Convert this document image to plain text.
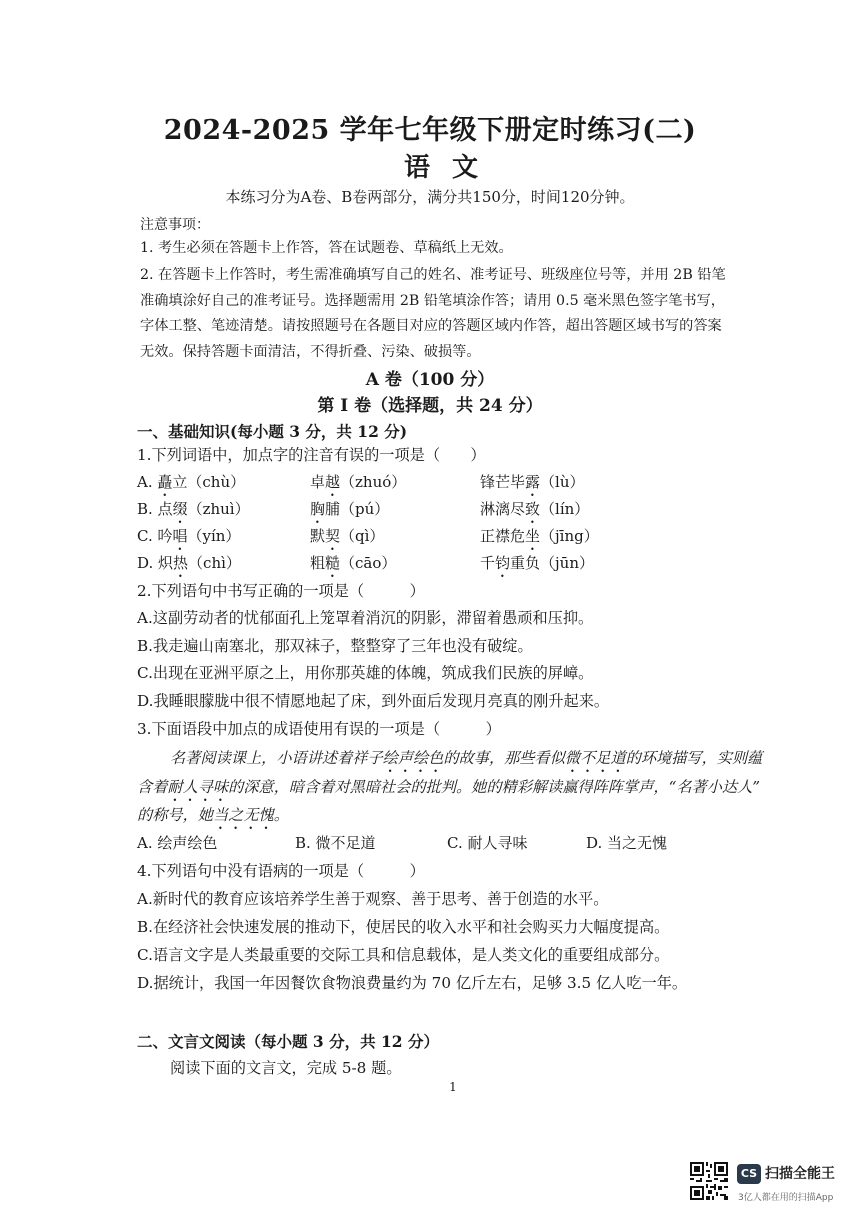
2024-2025 学年七年级下册定时练习(二)
语文
本练习分为A卷、B卷两部分，满分共150分，时间120分钟。
注意事项：
1. 考生必须在答题卡上作答，答在试题卷、草稿纸上无效。
2. 在答题卡上作答时，考生需准确填写自己的姓名、准考证号、班级座位号等，并用 2B 铅笔
准确填涂好自己的准考证号。选择题需用 2B 铅笔填涂作答；请用 0.5 毫米黑色签字笔书写，
字体工整、笔迹清楚。请按照题号在各题目对应的答题区域内作答，超出答题区域书写的答案
无效。保持答题卡面清洁，不得折叠、污染、破损等。
A 卷（100 分）
第 I 卷（选择题，共 24 分）
一、基础知识(每小题 3 分，共 12 分)
1.下列词语中，加点字的注音有误的一项是（　　）
A. 矗立（chù）	卓越（zhuó）	锋芒毕露（lù）
B. 点缀（zhuì）	胸脯（pú）	淋漓尽致（lín）
C. 吟唱（yín）	默契（qì）	正襟危坐（jīng）
D. 炽热（chì）	粗糙（cāo）	千钧重负（jūn）
2.下列语句中书写正确的一项是（　　　）
A.这副劳动者的忧郁面孔上笼罩着消沉的阴影，滞留着愚顽和压抑。
B.我走遍山南塞北，那双袜子，整整穿了三年也没有破绽。
C.出现在亚洲平原之上，用你那英雄的体魄，筑成我们民族的屏嶂。
D.我睡眼朦胧中很不情愿地起了床，到外面后发现月亮真的刚升起来。
3.下面语段中加点的成语使用有误的一项是（　　　）
名著阅读课上，小语讲述着祥子绘声绘色的故事，那些看似微不足道的环境描写，实则蕴
含着耐人寻味的深意，暗含着对黑暗社会的批判。她的精彩解读赢得阵阵掌声，“名著小达人”
的称号，她当之无愧。
A. 绘声绘色	B. 微不足道	C. 耐人寻味	D. 当之无愧
4.下列语句中没有语病的一项是（　　　）
A.新时代的教育应该培养学生善于观察、善于思考、善于创造的水平。
B.在经济社会快速发展的推动下，使居民的收入水平和社会购买力大幅度提高。
C.语言文字是人类最重要的交际工具和信息载体，是人类文化的重要组成部分。
D.据统计，我国一年因餐饮食物浪费量约为 70 亿斤左右，足够 3.5 亿人吃一年。
二、文言文阅读（每小题 3 分，共 12 分）
阅读下面的文言文，完成 5-8 题。
1
CS 扫描全能王
3亿人都在用的扫描App
